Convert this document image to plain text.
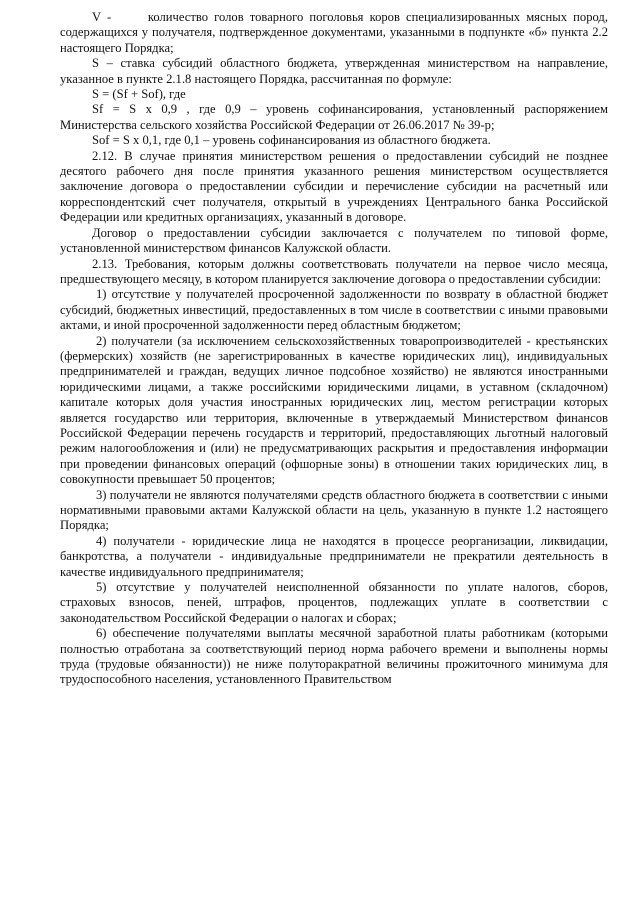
V -      количество голов товарного поголовья коров специализированных мясных пород, содержащихся у получателя, подтвержденное документами, указанными в подпункте «б» пункта 2.2 настоящего Порядка;

S – ставка субсидий областного бюджета, утвержденная министерством на направление, указанное в пункте 2.1.8 настоящего Порядка, рассчитанная по формуле:

S = (Sf + Sof), где

Sf = S x 0,9 , где 0,9 – уровень софинансирования, установленный распоряжением Министерства сельского хозяйства Российской Федерации от 26.06.2017 № 39-р;

Sof = S x 0,1, где 0,1 – уровень софинансирования из областного бюджета.

2.12. В случае принятия министерством решения о предоставлении субсидий не позднее десятого рабочего дня после принятия указанного решения министерством осуществляется заключение договора о предоставлении субсидии и перечисление субсидии на расчетный или корреспондентский счет получателя, открытый в учреждениях Центрального банка Российской Федерации или кредитных организациях, указанный в договоре.

Договор о предоставлении субсидии заключается с получателем по типовой форме, установленной министерством финансов Калужской области.

2.13. Требования, которым должны соответствовать получатели на первое число месяца, предшествующего месяцу, в котором планируется заключение договора о предоставлении субсидии:

1) отсутствие у получателей просроченной задолженности по возврату в областной бюджет субсидий, бюджетных инвестиций, предоставленных в том числе в соответствии с иными правовыми актами, и иной просроченной задолженности перед областным бюджетом;

2) получатели (за исключением сельскохозяйственных товаропроизводителей - крестьянских (фермерских) хозяйств (не зарегистрированных в качестве юридических лиц), индивидуальных предпринимателей и граждан, ведущих личное подсобное хозяйство) не являются иностранными юридическими лицами, а также российскими юридическими лицами, в уставном (складочном) капитале которых доля участия иностранных юридических лиц, местом регистрации которых является государство или территория, включенные в утверждаемый Министерством финансов Российской Федерации перечень государств и территорий, предоставляющих льготный налоговый режим налогообложения и (или) не предусматривающих раскрытия и предоставления информации при проведении финансовых операций (офшорные зоны) в отношении таких юридических лиц, в совокупности превышает 50 процентов;

3) получатели не являются получателями средств областного бюджета в соответствии с иными нормативными правовыми актами Калужской области на цель, указанную в пункте 1.2 настоящего Порядка;

4) получатели - юридические лица не находятся в процессе реорганизации, ликвидации, банкротства, а получатели - индивидуальные предприниматели не прекратили деятельность в качестве индивидуального предпринимателя;

5) отсутствие у получателей неисполненной обязанности по уплате налогов, сборов, страховых взносов, пеней, штрафов, процентов, подлежащих уплате в соответствии с законодательством Российской Федерации о налогах и сборах;

6) обеспечение получателями выплаты месячной заработной платы работникам (которыми полностью отработана за соответствующий период норма рабочего времени и выполнены нормы труда (трудовые обязанности)) не ниже полуторакратной величины прожиточного минимума для трудоспособного населения, установленного Правительством
